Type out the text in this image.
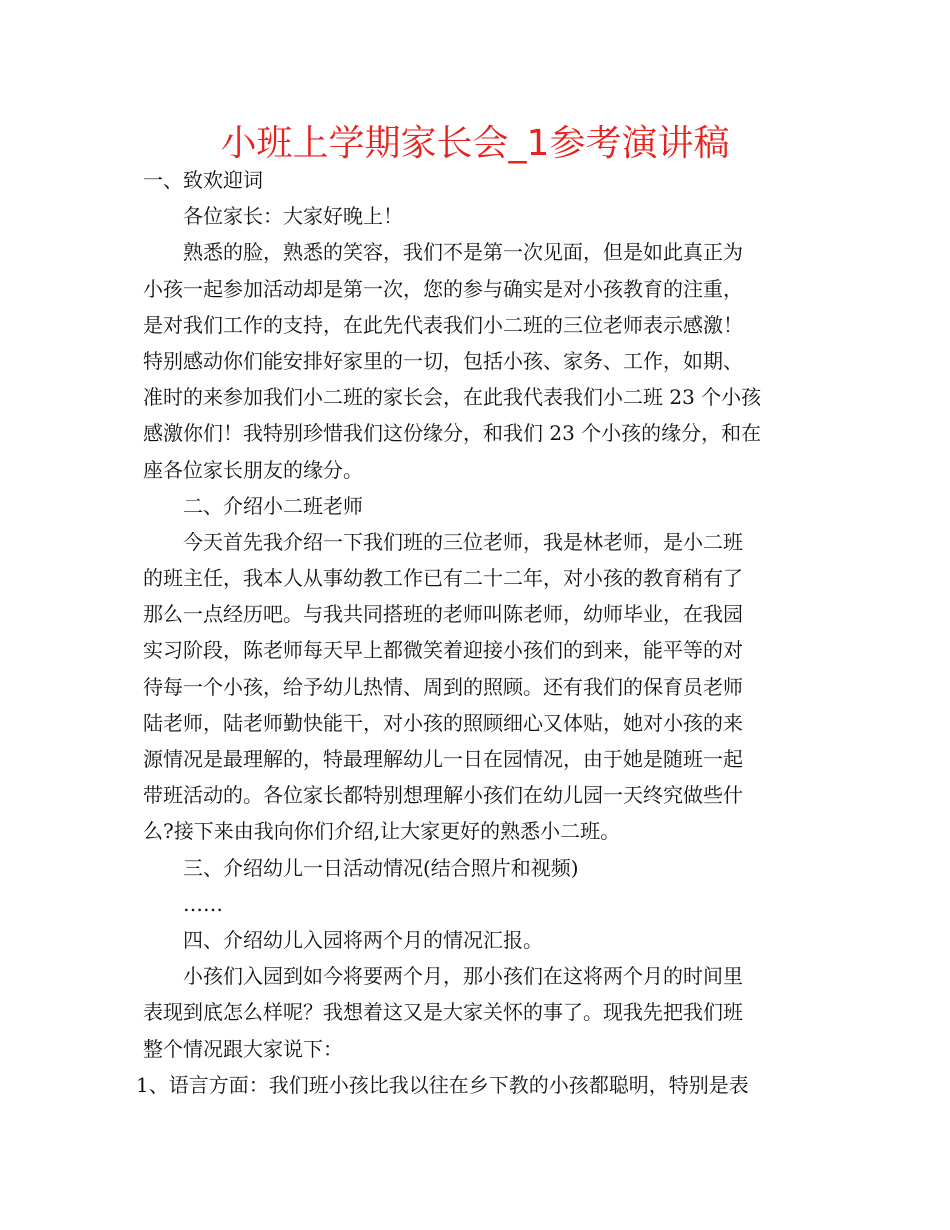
小班上学期家长会_1参考演讲稿
一、致欢迎词
各位家长：大家好晚上！
熟悉的脸，熟悉的笑容，我们不是第一次见面，但是如此真正为
小孩一起参加活动却是第一次，您的参与确实是对小孩教育的注重，
是对我们工作的支持，在此先代表我们小二班的三位老师表示感激！
特别感动你们能安排好家里的一切，包括小孩、家务、工作，如期、
准时的来参加我们小二班的家长会，在此我代表我们小二班 23 个小孩
感激你们！我特别珍惜我们这份缘分，和我们 23 个小孩的缘分，和在
座各位家长朋友的缘分。
二、介绍小二班老师
今天首先我介绍一下我们班的三位老师，我是林老师，是小二班
的班主任，我本人从事幼教工作已有二十二年，对小孩的教育稍有了
那么一点经历吧。与我共同搭班的老师叫陈老师，幼师毕业，在我园
实习阶段，陈老师每天早上都微笑着迎接小孩们的到来，能平等的对
待每一个小孩，给予幼儿热情、周到的照顾。还有我们的保育员老师
陆老师，陆老师勤快能干，对小孩的照顾细心又体贴，她对小孩的来
源情况是最理解的，特最理解幼儿一日在园情况，由于她是随班一起
带班活动的。各位家长都特别想理解小孩们在幼儿园一天终究做些什
么?接下来由我向你们介绍,让大家更好的熟悉小二班。
三、介绍幼儿一日活动情况(结合照片和视频)
……
四、介绍幼儿入园将两个月的情况汇报。
小孩们入园到如今将要两个月，那小孩们在这将两个月的时间里
表现到底怎么样呢？我想着这又是大家关怀的事了。现我先把我们班
整个情况跟大家说下：
1、语言方面：我们班小孩比我以往在乡下教的小孩都聪明，特别是表
